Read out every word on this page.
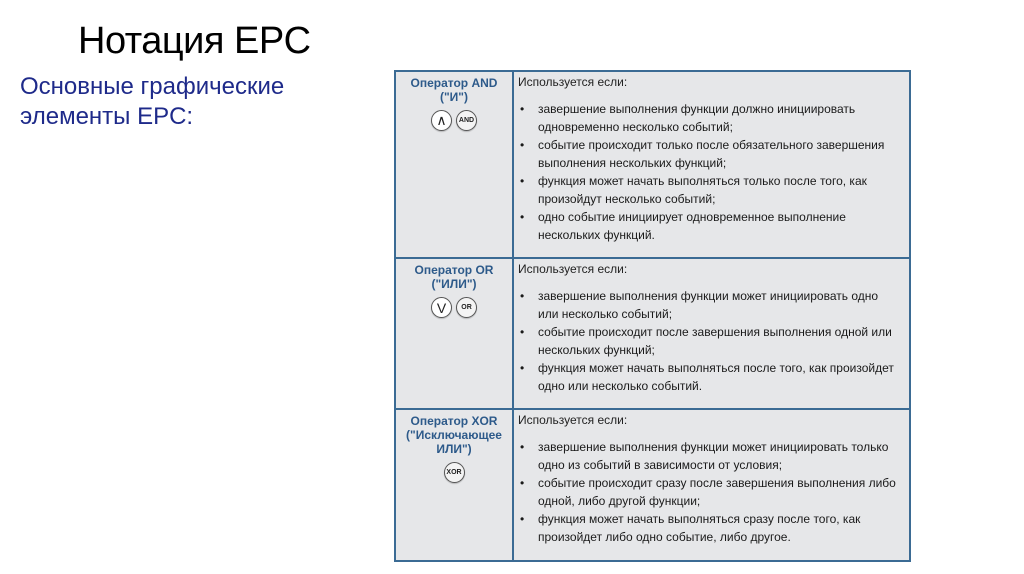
Нотация EPC
Основные графические элементы EPC:
Оператор AND
("И")
∧	AND
Используется если:
• завершение выполнения функции должно инициировать одновременно несколько событий;
• событие происходит только после обязательного завершения выполнения нескольких функций;
• функция может начать выполняться только после того, как произойдут несколько событий;
• одно событие инициирует одновременное выполнение нескольких функций.
Оператор OR
("ИЛИ")
V	OR
Используется если:
• завершение выполнения функции может инициировать одно или несколько событий;
• событие происходит после завершения выполнения одной или нескольких функций;
• функция может начать выполняться после того, как произойдет одно или несколько событий.
Оператор XOR
("Исключающее
ИЛИ")
XOR
Используется если:
• завершение выполнения функции может инициировать только одно из событий в зависимости от условия;
• событие происходит сразу после завершения выполнения либо одной, либо другой функции;
• функция может начать выполняться сразу после того, как произойдет либо одно событие, либо другое.
